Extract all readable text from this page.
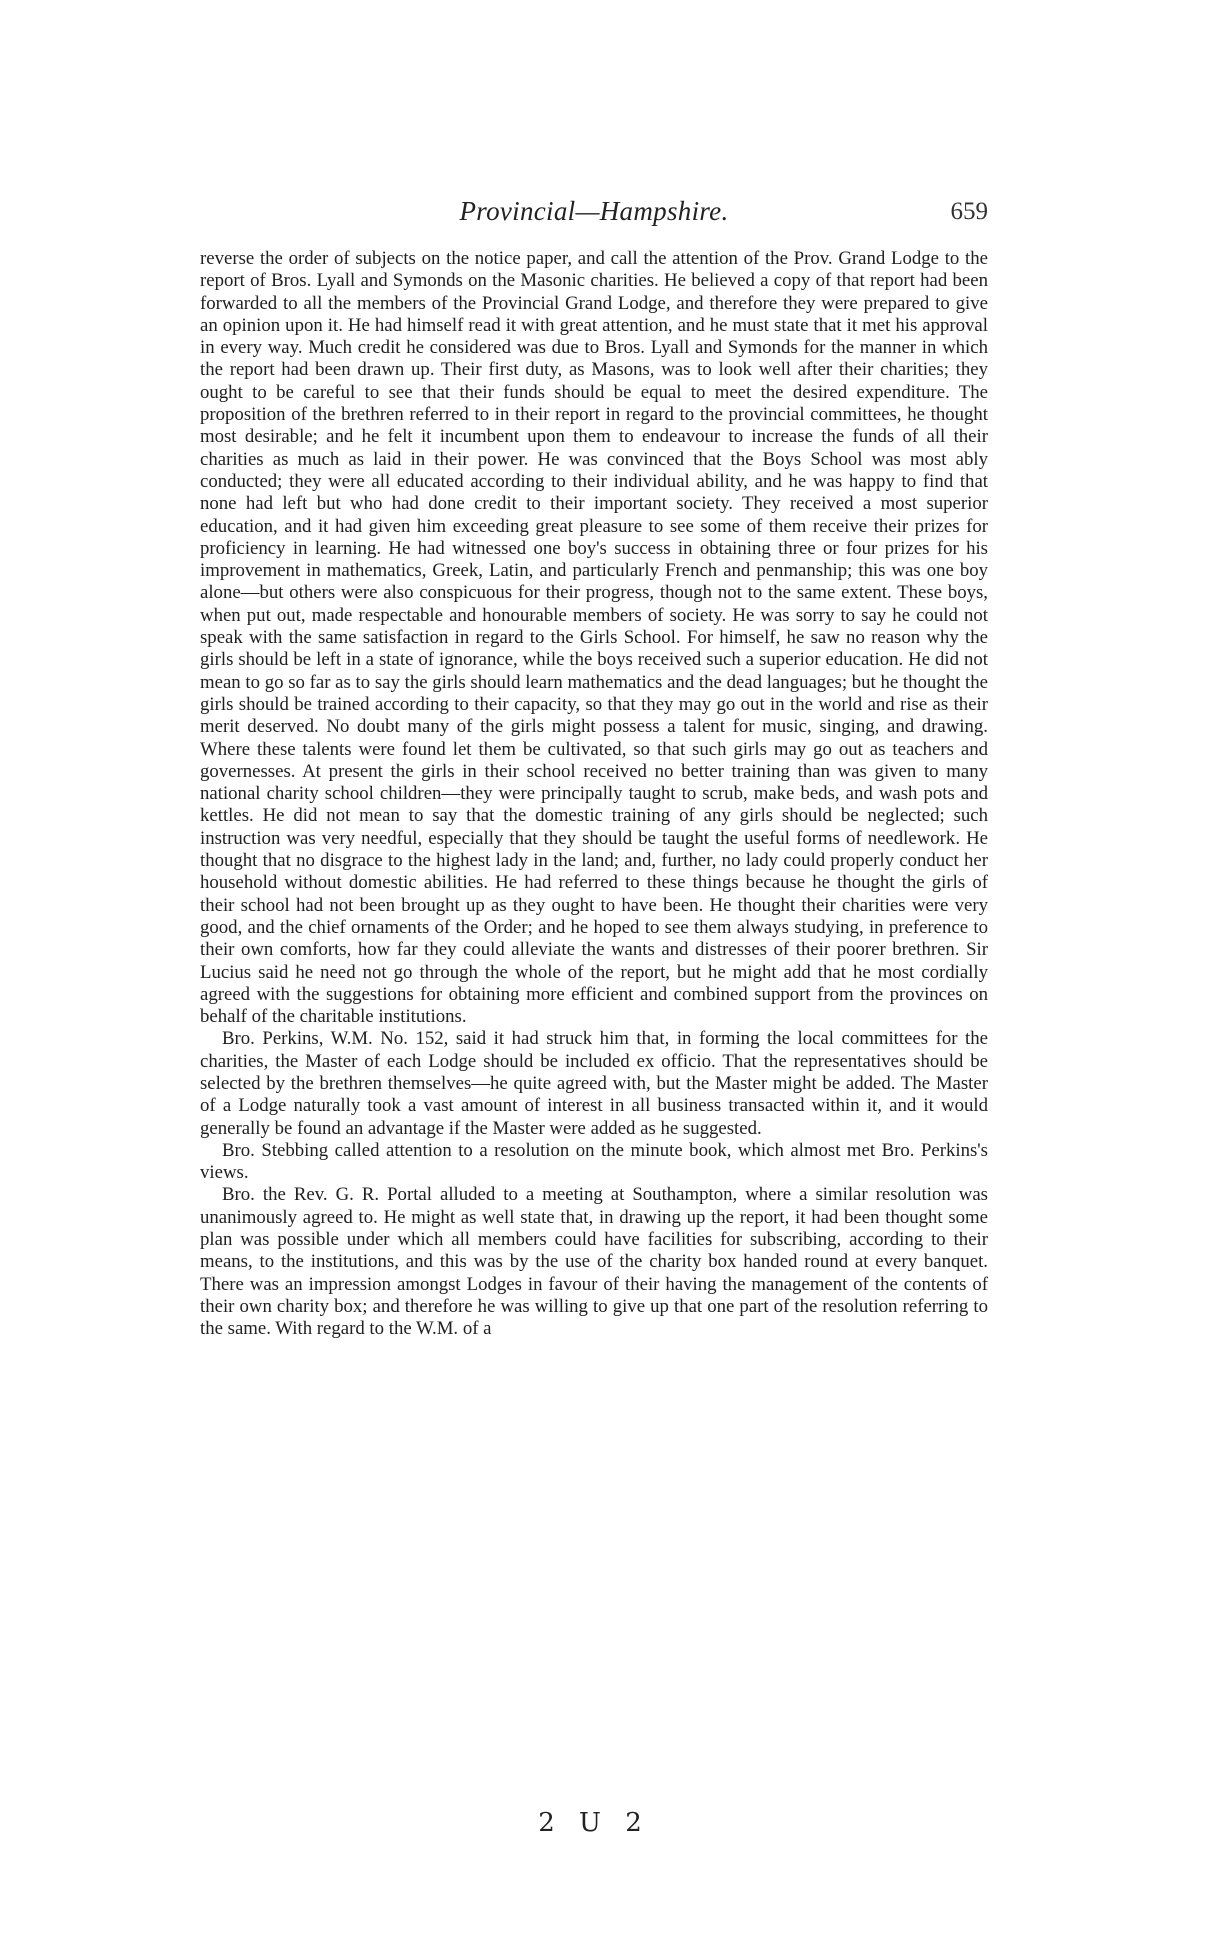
Provincial—Hampshire.	659

reverse the order of subjects on the notice paper, and call the attention of the Prov. Grand Lodge to the report of Bros. Lyall and Symonds on the Masonic charities. He believed a copy of that report had been forwarded to all the members of the Provincial Grand Lodge, and therefore they were prepared to give an opinion upon it. He had himself read it with great attention, and he must state that it met his approval in every way. Much credit he considered was due to Bros. Lyall and Symonds for the manner in which the report had been drawn up. Their first duty, as Masons, was to look well after their charities; they ought to be careful to see that their funds should be equal to meet the desired expenditure. The proposition of the brethren referred to in their report in regard to the provincial committees, he thought most desirable; and he felt it incumbent upon them to endeavour to increase the funds of all their charities as much as laid in their power. He was convinced that the Boys School was most ably conducted; they were all educated according to their individual ability, and he was happy to find that none had left but who had done credit to their important society. They received a most superior education, and it had given him exceeding great pleasure to see some of them receive their prizes for proficiency in learning. He had witnessed one boy's success in obtaining three or four prizes for his improvement in mathematics, Greek, Latin, and particularly French and penmanship; this was one boy alone—but others were also conspicuous for their progress, though not to the same extent. These boys, when put out, made respectable and honourable members of society. He was sorry to say he could not speak with the same satisfaction in regard to the Girls School. For himself, he saw no reason why the girls should be left in a state of ignorance, while the boys received such a superior education. He did not mean to go so far as to say the girls should learn mathematics and the dead languages; but he thought the girls should be trained according to their capacity, so that they may go out in the world and rise as their merit deserved. No doubt many of the girls might possess a talent for music, singing, and drawing. Where these talents were found let them be cultivated, so that such girls may go out as teachers and governesses. At present the girls in their school received no better training than was given to many national charity school children—they were principally taught to scrub, make beds, and wash pots and kettles. He did not mean to say that the domestic training of any girls should be neglected; such instruction was very needful, especially that they should be taught the useful forms of needlework. He thought that no disgrace to the highest lady in the land; and, further, no lady could properly conduct her household without domestic abilities. He had referred to these things because he thought the girls of their school had not been brought up as they ought to have been. He thought their charities were very good, and the chief ornaments of the Order; and he hoped to see them always studying, in preference to their own comforts, how far they could alleviate the wants and distresses of their poorer brethren. Sir Lucius said he need not go through the whole of the report, but he might add that he most cordially agreed with the suggestions for obtaining more efficient and combined support from the provinces on behalf of the charitable institutions.

Bro. Perkins, W.M. No. 152, said it had struck him that, in forming the local committees for the charities, the Master of each Lodge should be included ex officio. That the representatives should be selected by the brethren themselves—he quite agreed with, but the Master might be added. The Master of a Lodge naturally took a vast amount of interest in all business transacted within it, and it would generally be found an advantage if the Master were added as he suggested.

Bro. Stebbing called attention to a resolution on the minute book, which almost met Bro. Perkins's views.

Bro. the Rev. G. R. Portal alluded to a meeting at Southampton, where a similar resolution was unanimously agreed to. He might as well state that, in drawing up the report, it had been thought some plan was possible under which all members could have facilities for subscribing, according to their means, to the institutions, and this was by the use of the charity box handed round at every banquet. There was an impression amongst Lodges in favour of their having the management of the contents of their own charity box; and therefore he was willing to give up that one part of the resolution referring to the same. With regard to the W.M. of a

2 U 2
